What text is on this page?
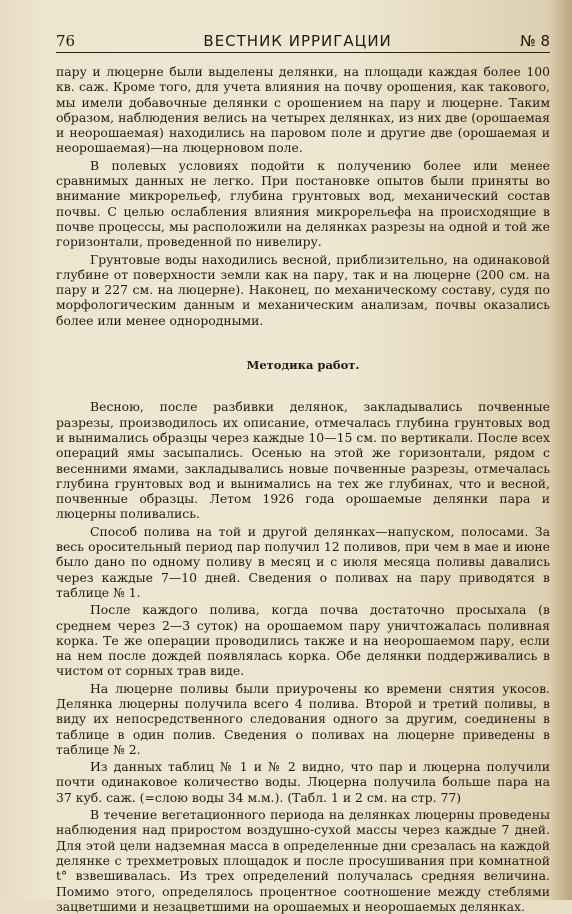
76	ВЕСТНИК ИРРИГАЦИИ	№ 8

пару и люцерне были выделены делянки, на площади каждая более 100 кв. саж. Кроме того, для учета влияния на почву орошения, как такового, мы имели добавочные делянки с орошением на пару и люцерне. Таким образом, наблюдения велись на четырех делянках, из них две (орошаемая и неорошаемая) находились на паровом поле и другие две (орошаемая и неорошаемая)—на люцерновом поле.

В полевых условиях подойти к получению более или менее сравнимых данных не легко. При постановке опытов были приняты во внимание микрорельеф, глубина грунтовых вод, механический состав почвы. С целью ослабления влияния микрорельефа на происходящие в почве процессы, мы расположили на делянках разрезы на одной и той же горизонтали, проведенной по нивелиру.

Грунтовые воды находились весной, приблизительно, на одинаковой глубине от поверхности земли как на пару, так и на люцерне (200 см. на пару и 227 см. на люцерне). Наконец, по механическому составу, судя по морфологическим данным и механическим анализам, почвы оказались более или менее однородными.

Методика работ.

Весною, после разбивки делянок, закладывались почвенные разрезы, производилось их описание, отмечалась глубина грунтовых вод и вынимались образцы через каждые 10—15 см. по вертикали. После всех операций ямы засыпались. Осенью на этой же горизонтали, рядом с весенними ямами, закладывались новые почвенные разрезы, отмечалась глубина грунтовых вод и вынимались на тех же глубинах, что и весной, почвенные образцы. Летом 1926 года орошаемые делянки пара и люцерны поливались.

Способ полива на той и другой делянках—напуском, полосами. За весь оросительный период пар получил 12 поливов, при чем в мае и июне было дано по одному поливу в месяц и с июля месяца поливы давались через каждые 7—10 дней. Сведения о поливах на пару приводятся в таблице № 1.

После каждого полива, когда почва достаточно просыхала (в среднем через 2—3 суток) на орошаемом пару уничтожалась поливная корка. Те же операции проводились также и на неорошаемом пару, если на нем после дождей появлялась корка. Обе делянки поддерживались в чистом от сорных трав виде.

На люцерне поливы были приурочены ко времени снятия укосов. Делянка люцерны получила всего 4 полива. Второй и третий поливы, в виду их непосредственного следования одного за другим, соединены в таблице в один полив. Сведения о поливах на люцерне приведены в таблице № 2.

Из данных таблиц № 1 и № 2 видно, что пар и люцерна получили почти одинаковое количество воды. Люцерна получила больше пара на 37 куб. саж. (=слою воды 34 м.м.). (Табл. 1 и 2 см. на стр. 77)

В течение вегетационного периода на делянках люцерны проведены наблюдения над приростом воздушно-сухой массы через каждые 7 дней. Для этой цели надземная масса в определенные дни срезалась на каждой делянке с трехметровых площадок и после просушивания при комнатной t° взвешивалась. Из трех определений получалась средняя величина. Помимо этого, определялось процентное соотношение между стеблями зацветшими и незацветшими на орошаемых и неорошаемых делянках.
